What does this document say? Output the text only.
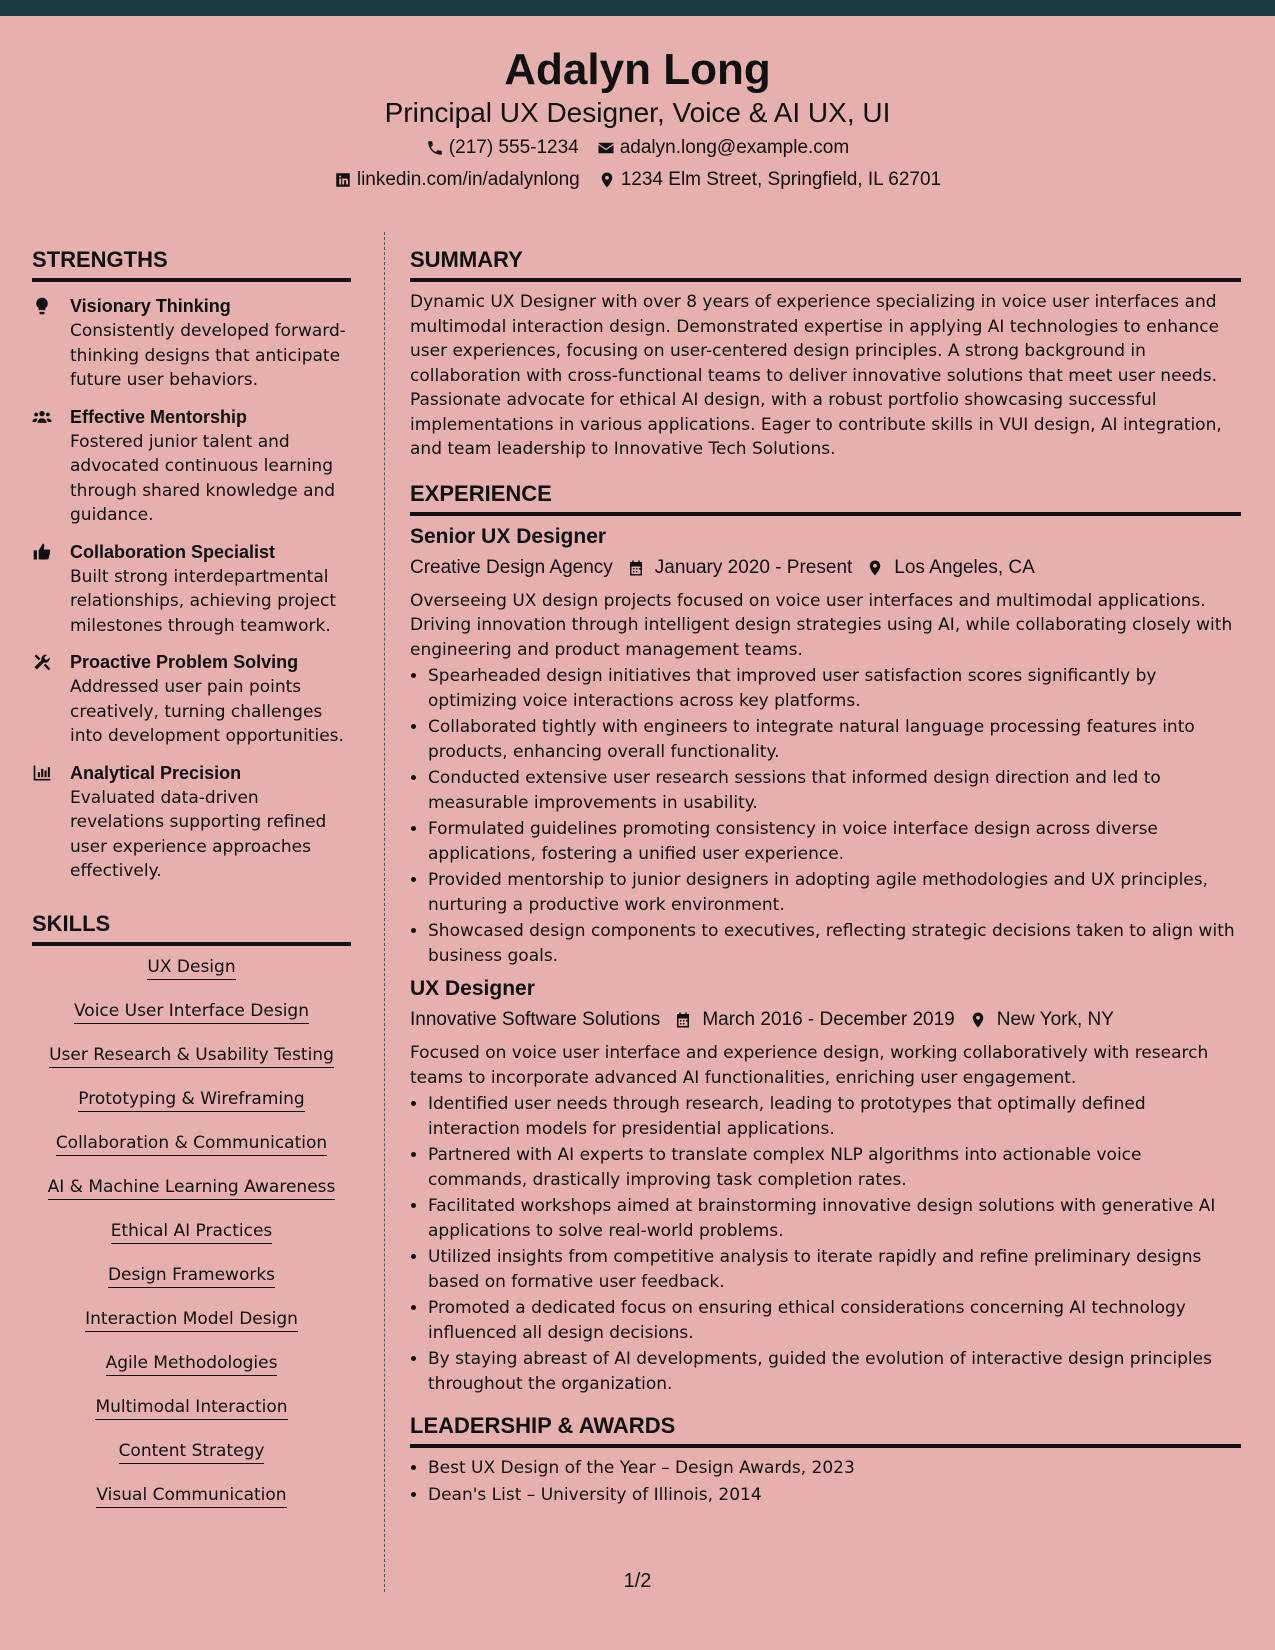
Adalyn Long
Principal UX Designer, Voice & AI UX, UI
(217) 555-1234 adalyn.long@example.com
linkedin.com/in/adalynlong 1234 Elm Street, Springfield, IL 62701
STRENGTHS
Visionary Thinking
Consistently developed forward-thinking designs that anticipate future user behaviors.
Effective Mentorship
Fostered junior talent and advocated continuous learning through shared knowledge and guidance.
Collaboration Specialist
Built strong interdepartmental relationships, achieving project milestones through teamwork.
Proactive Problem Solving
Addressed user pain points creatively, turning challenges into development opportunities.
Analytical Precision
Evaluated data-driven revelations supporting refined user experience approaches effectively.
SKILLS
UX Design
Voice User Interface Design
User Research & Usability Testing
Prototyping & Wireframing
Collaboration & Communication
AI & Machine Learning Awareness
Ethical AI Practices
Design Frameworks
Interaction Model Design
Agile Methodologies
Multimodal Interaction
Content Strategy
Visual Communication
SUMMARY

Dynamic UX Designer with over 8 years of experience specializing in voice user interfaces and multimodal interaction design. Demonstrated expertise in applying AI technologies to enhance user experiences, focusing on user-centered design principles. A strong background in collaboration with cross-functional teams to deliver innovative solutions that meet user needs. Passionate advocate for ethical AI design, with a robust portfolio showcasing successful implementations in various applications. Eager to contribute skills in VUI design, AI integration, and team leadership to Innovative Tech Solutions.

EXPERIENCE
Senior UX Designer
Creative Design Agency January 2020 - Present Los Angeles, CA
Overseeing UX design projects focused on voice user interfaces and multimodal applications. Driving innovation through intelligent design strategies using AI, while collaborating closely with engineering and product management teams.
• Spearheaded design initiatives that improved user satisfaction scores significantly by optimizing voice interactions across key platforms.
• Collaborated tightly with engineers to integrate natural language processing features into products, enhancing overall functionality.
• Conducted extensive user research sessions that informed design direction and led to measurable improvements in usability.
• Formulated guidelines promoting consistency in voice interface design across diverse applications, fostering a unified user experience.
• Provided mentorship to junior designers in adopting agile methodologies and UX principles, nurturing a productive work environment.
• Showcased design components to executives, reflecting strategic decisions taken to align with business goals.
UX Designer
Innovative Software Solutions March 2016 - December 2019 New York, NY
Focused on voice user interface and experience design, working collaboratively with research teams to incorporate advanced AI functionalities, enriching user engagement.
• Identified user needs through research, leading to prototypes that optimally defined interaction models for presidential applications.
• Partnered with AI experts to translate complex NLP algorithms into actionable voice commands, drastically improving task completion rates.
• Facilitated workshops aimed at brainstorming innovative design solutions with generative AI applications to solve real-world problems.
• Utilized insights from competitive analysis to iterate rapidly and refine preliminary designs based on formative user feedback.
• Promoted a dedicated focus on ensuring ethical considerations concerning AI technology influenced all design decisions.
• By staying abreast of AI developments, guided the evolution of interactive design principles throughout the organization.
LEADERSHIP & AWARDS
• Best UX Design of the Year – Design Awards, 2023
• Dean's List – University of Illinois, 2014
1/2
